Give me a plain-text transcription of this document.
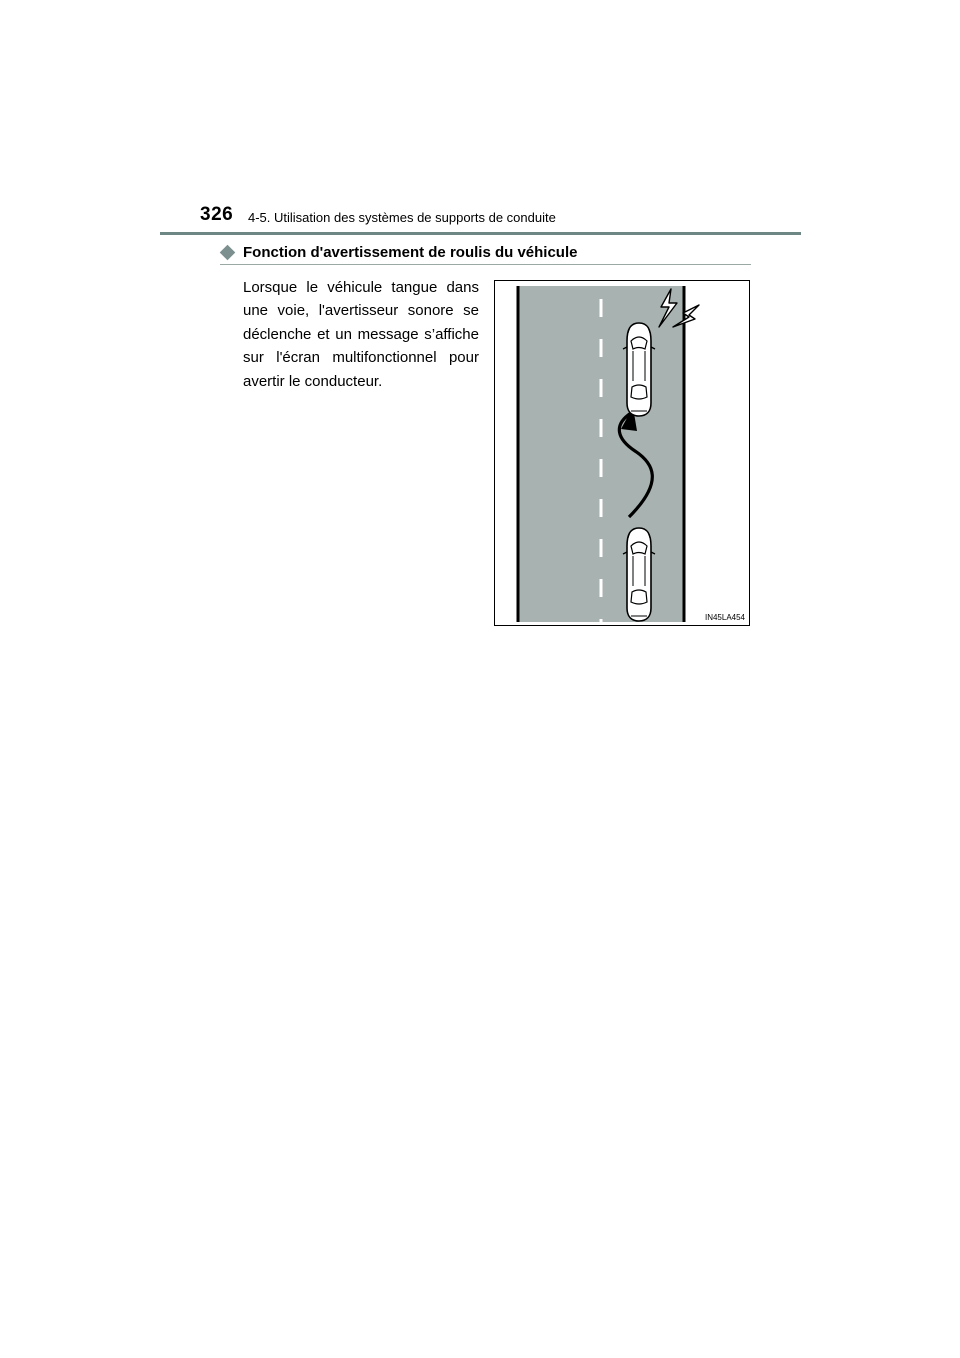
326 4-5. Utilisation des systèmes de supports de conduite
Fonction d'avertissement de roulis du véhicule
Lorsque le véhicule tangue dans une voie, l'avertisseur sonore se déclenche et un message s’affiche sur l'écran multifonctionnel pour avertir le conducteur.
IN45LA454
